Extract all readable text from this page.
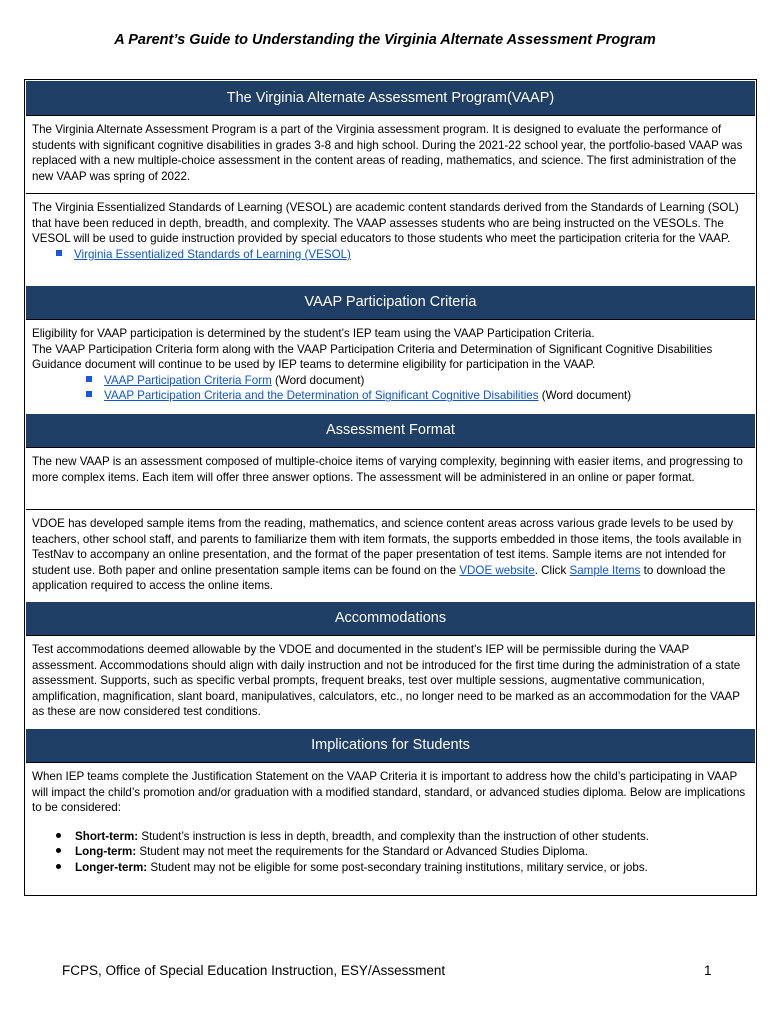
A Parent’s Guide to Understanding the Virginia Alternate Assessment Program
The Virginia Alternate Assessment Program(VAAP)

The Virginia Alternate Assessment Program is a part of the Virginia assessment program. It is designed to evaluate the performance of students with significant cognitive disabilities in grades 3-8 and high school. During the 2021-22 school year, the portfolio-based VAAP was replaced with a new multiple-choice assessment in the content areas of reading, mathematics, and science. The first administration of the new VAAP was spring of 2022.

The Virginia Essentialized Standards of Learning (VESOL) are academic content standards derived from the Standards of Learning (SOL) that have been reduced in depth, breadth, and complexity. The VAAP assesses students who are being instructed on the VESOLs. The VESOL will be used to guide instruction provided by special educators to those students who meet the participation criteria for the VAAP.

Virginia Essentialized Standards of Learning (VESOL)

VAAP Participation Criteria

Eligibility for VAAP participation is determined by the student’s IEP team using the VAAP Participation Criteria.

The VAAP Participation Criteria form along with the VAAP Participation Criteria and Determination of Significant Cognitive Disabilities Guidance document will continue to be used by IEP teams to determine eligibility for participation in the VAAP.

VAAP Participation Criteria Form (Word document)

VAAP Participation Criteria and the Determination of Significant Cognitive Disabilities (Word document)

Assessment Format

The new VAAP is an assessment composed of multiple-choice items of varying complexity, beginning with easier items, and progressing to more complex items. Each item will offer three answer options. The assessment will be administered in an online or paper format.

VDOE has developed sample items from the reading, mathematics, and science content areas across various grade levels to be used by teachers, other school staff, and parents to familiarize them with item formats, the supports embedded in those items, the tools available in TestNav to accompany an online presentation, and the format of the paper presentation of test items. Sample items are not intended for student use. Both paper and online presentation sample items can be found on the VDOE website. Click Sample Items to download the application required to access the online items.

Accommodations

Test accommodations deemed allowable by the VDOE and documented in the student's IEP will be permissible during the VAAP assessment. Accommodations should align with daily instruction and not be introduced for the first time during the administration of a state assessment. Supports, such as specific verbal prompts, frequent breaks, test over multiple sessions, augmentative communication, amplification, magnification, slant board, manipulatives, calculators, etc., no longer need to be marked as an accommodation for the VAAP as these are now considered test conditions.

Implications for Students

When IEP teams complete the Justification Statement on the VAAP Criteria it is important to address how the child’s participating in VAAP will impact the child’s promotion and/or graduation with a modified standard, standard, or advanced studies diploma. Below are implications to be considered:

Short-term: Student’s instruction is less in depth, breadth, and complexity than the instruction of other students.

Long-term: Student may not meet the requirements for the Standard or Advanced Studies Diploma.

Longer-term: Student may not be eligible for some post-secondary training institutions, military service, or jobs.

FCPS, Office of Special Education Instruction, ESY/Assessment	1
